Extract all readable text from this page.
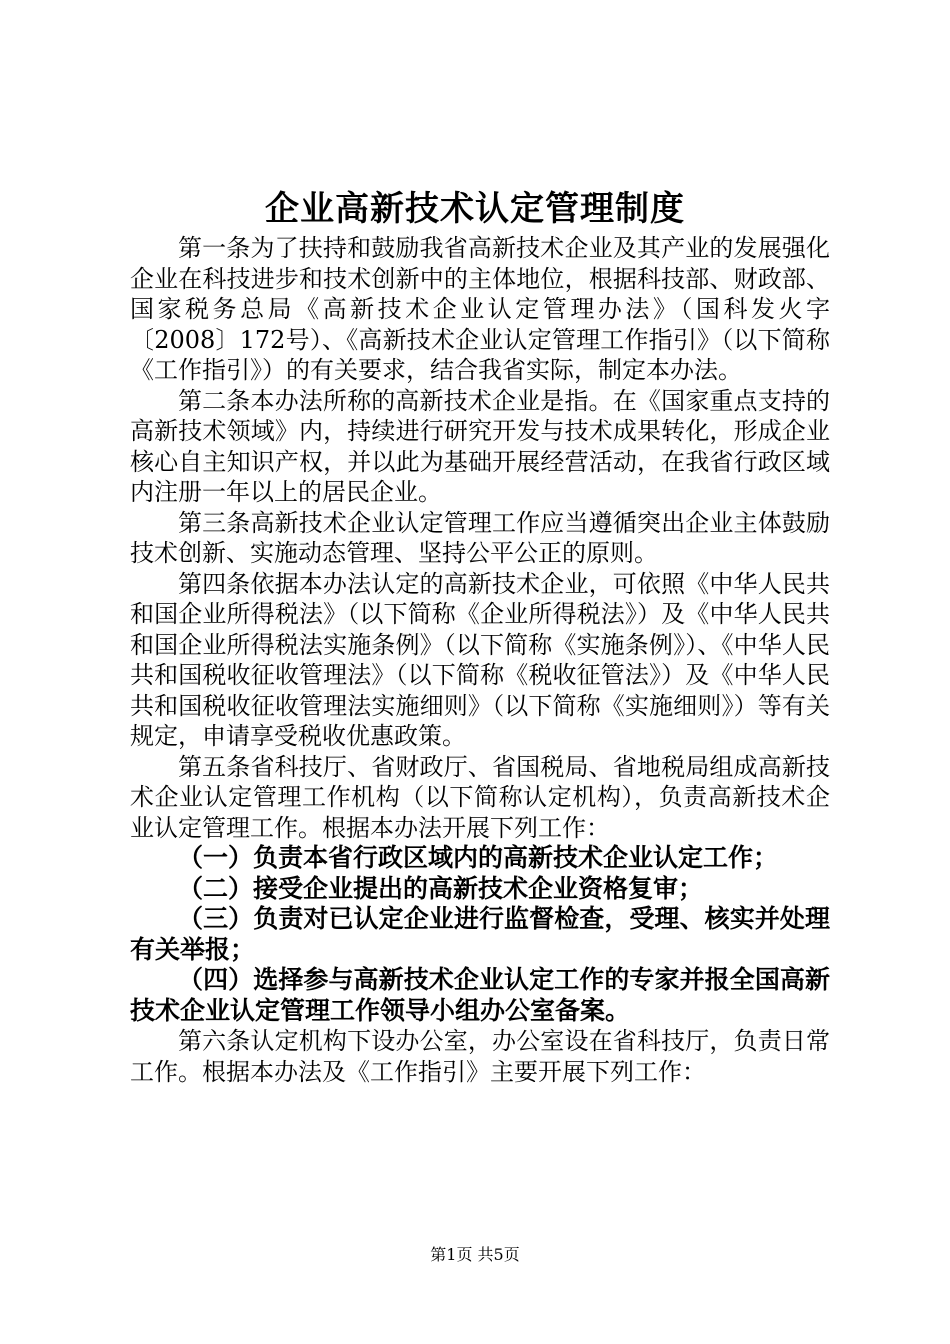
企业高新技术认定管理制度

第一条为了扶持和鼓励我省高新技术企业及其产业的发展强化企业在科技进步和技术创新中的主体地位，根据科技部、财政部、国家税务总局《高新技术企业认定管理办法》（国科发火字〔2008〕172号）、《高新技术企业认定管理工作指引》（以下简称《工作指引》）的有关要求，结合我省实际，制定本办法。

第二条本办法所称的高新技术企业是指。在《国家重点支持的高新技术领域》内，持续进行研究开发与技术成果转化，形成企业核心自主知识产权，并以此为基础开展经营活动，在我省行政区域内注册一年以上的居民企业。

第三条高新技术企业认定管理工作应当遵循突出企业主体鼓励技术创新、实施动态管理、坚持公平公正的原则。

第四条依据本办法认定的高新技术企业，可依照《中华人民共和国企业所得税法》（以下简称《企业所得税法》）及《中华人民共和国企业所得税法实施条例》（以下简称《实施条例》）、《中华人民共和国税收征收管理法》（以下简称《税收征管法》）及《中华人民共和国税收征收管理法实施细则》（以下简称《实施细则》）等有关规定，申请享受税收优惠政策。

第五条省科技厅、省财政厅、省国税局、省地税局组成高新技术企业认定管理工作机构（以下简称认定机构），负责高新技术企业认定管理工作。根据本办法开展下列工作：

（一）负责本省行政区域内的高新技术企业认定工作；

（二）接受企业提出的高新技术企业资格复审；

（三）负责对已认定企业进行监督检查，受理、核实并处理有关举报；

（四）选择参与高新技术企业认定工作的专家并报全国高新技术企业认定管理工作领导小组办公室备案。

第六条认定机构下设办公室，办公室设在省科技厅，负责日常工作。根据本办法及《工作指引》主要开展下列工作：

第1页 共5页
